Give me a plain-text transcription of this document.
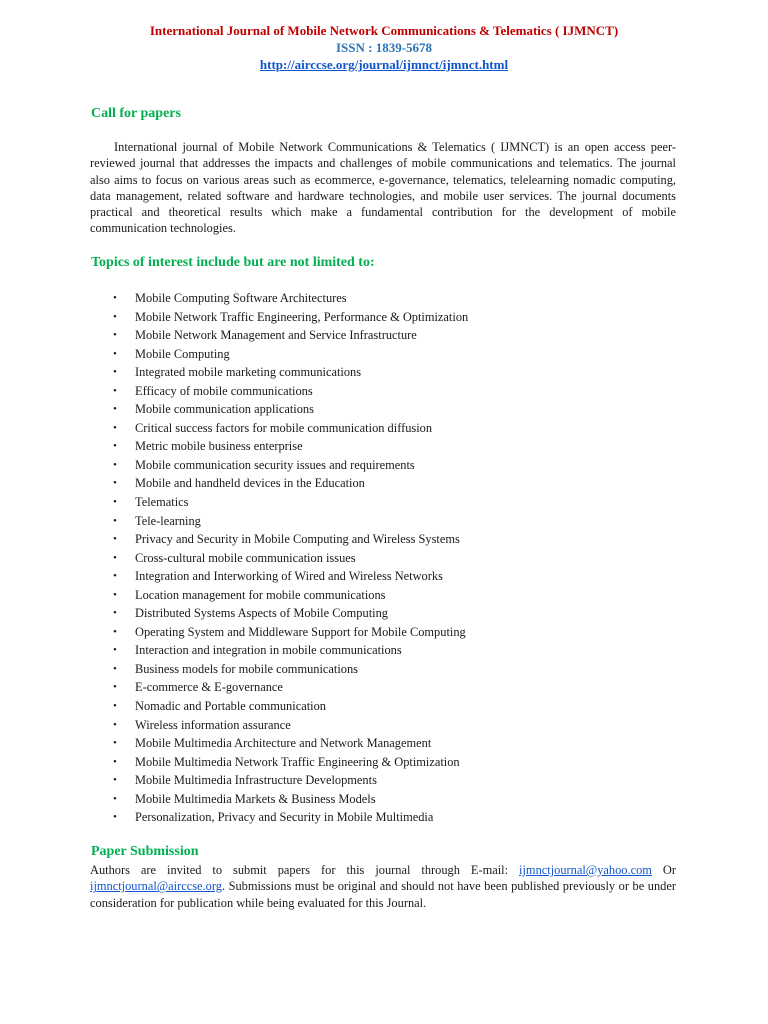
International Journal of Mobile Network Communications & Telematics ( IJMNCT)
ISSN : 1839-5678
http://airccse.org/journal/ijmnct/ijmnct.html
Call for papers

International journal of Mobile Network Communications & Telematics ( IJMNCT) is an open access peer-reviewed journal that addresses the impacts and challenges of mobile communications and telematics. The journal also aims to focus on various areas such as ecommerce, e-governance, telematics, telelearning nomadic computing, data management, related software and hardware technologies, and mobile user services. The journal documents practical and theoretical results which make a fundamental contribution for the development of mobile communication technologies.

Topics of interest include but are not limited to:
• Mobile Computing Software Architectures
• Mobile Network Traffic Engineering, Performance & Optimization
• Mobile Network Management and Service Infrastructure
• Mobile Computing
• Integrated mobile marketing communications
• Efficacy of mobile communications
• Mobile communication applications
• Critical success factors for mobile communication diffusion
• Metric mobile business enterprise
• Mobile communication security issues and requirements
• Mobile and handheld devices in the Education
• Telematics
• Tele-learning
• Privacy and Security in Mobile Computing and Wireless Systems
• Cross-cultural mobile communication issues
• Integration and Interworking of Wired and Wireless Networks
• Location management for mobile communications
• Distributed Systems Aspects of Mobile Computing
• Operating System and Middleware Support for Mobile Computing
• Interaction and integration in mobile communications
• Business models for mobile communications
• E-commerce & E-governance
• Nomadic and Portable communication
• Wireless information assurance
• Mobile Multimedia Architecture and Network Management
• Mobile Multimedia Network Traffic Engineering & Optimization
• Mobile Multimedia Infrastructure Developments
• Mobile Multimedia Markets & Business Models
• Personalization, Privacy and Security in Mobile Multimedia
Paper Submission

Authors are invited to submit papers for this journal through E-mail: ijmnctjournal@yahoo.com Or ijmnctjournal@airccse.org. Submissions must be original and should not have been published previously or be under consideration for publication while being evaluated for this Journal.
